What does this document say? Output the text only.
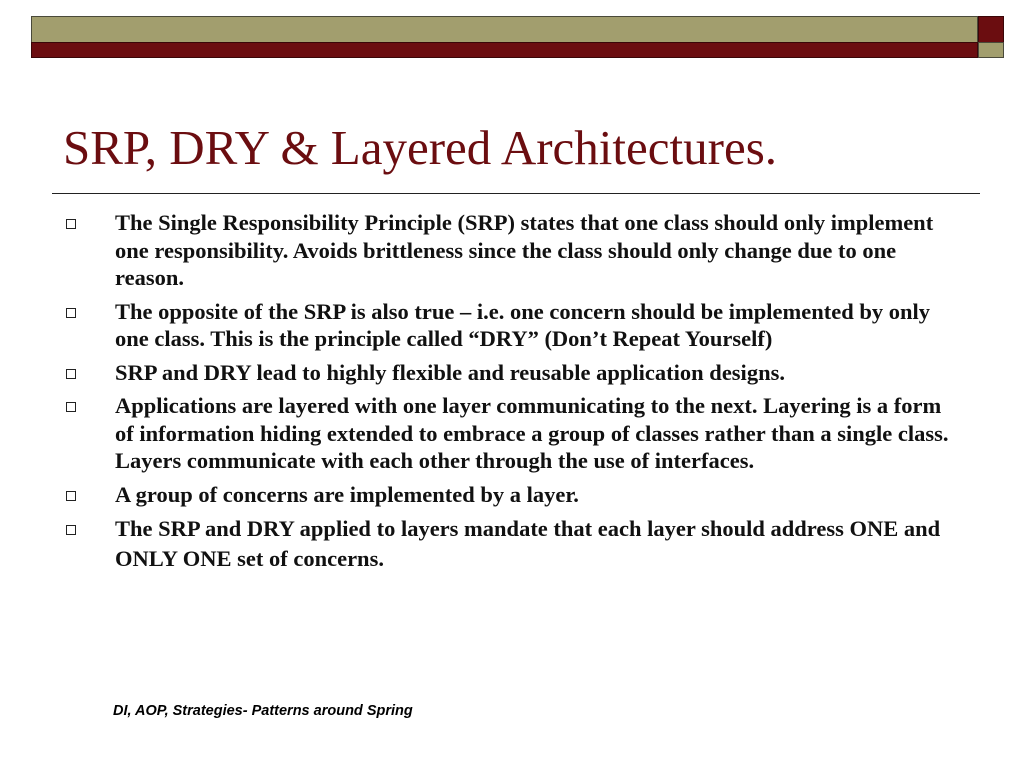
SRP, DRY & Layered Architectures.
The Single Responsibility Principle (SRP) states that one class should only implement one responsibility. Avoids brittleness since the class should only change due to one reason.
The opposite of the SRP is also true – i.e. one concern should be implemented by only one class. This is the principle called “DRY” (Don’t Repeat Yourself)
SRP and DRY lead to highly flexible and reusable application designs.
Applications are layered with one layer communicating to the next. Layering is a form of information hiding extended to embrace a group of classes rather than a single class. Layers communicate with each other through the use of interfaces.
A group of concerns are implemented by a layer.
The SRP and DRY applied to layers mandate that each layer should address ONE and ONLY ONE set of concerns.
DI, AOP, Strategies- Patterns around Spring
